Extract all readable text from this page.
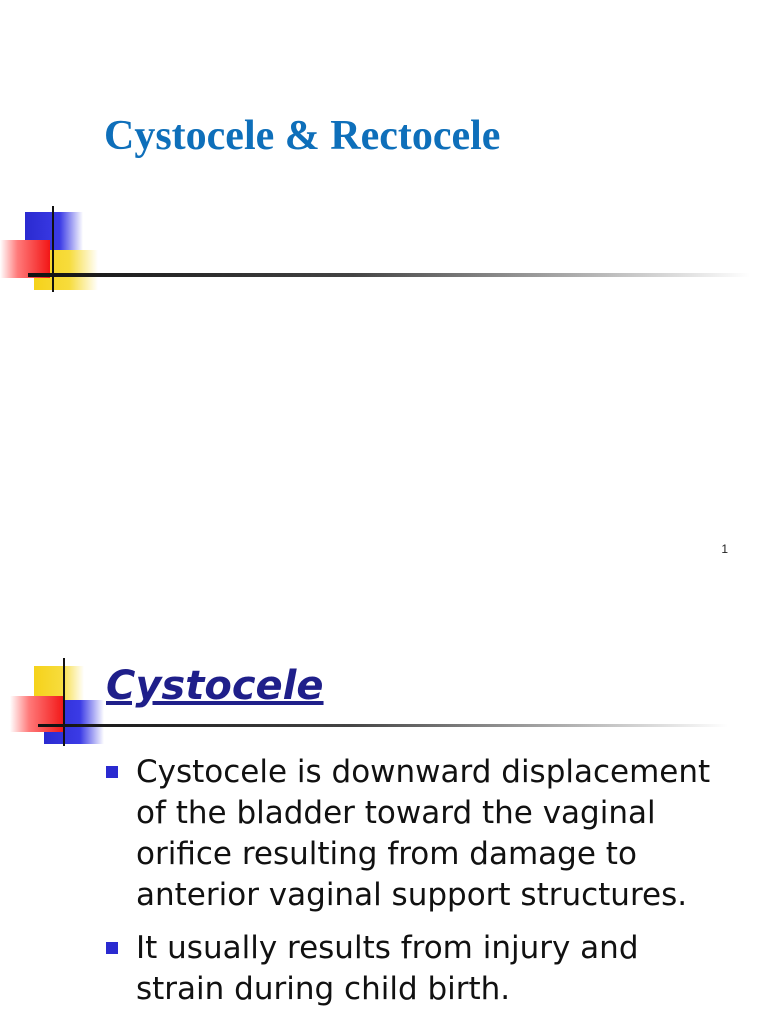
Cystocele & Rectocele
1
Cystocele
Cystocele is downward displacement of the bladder toward the vaginal orifice resulting from damage to anterior vaginal support structures.
It usually results from injury and strain during child birth.
